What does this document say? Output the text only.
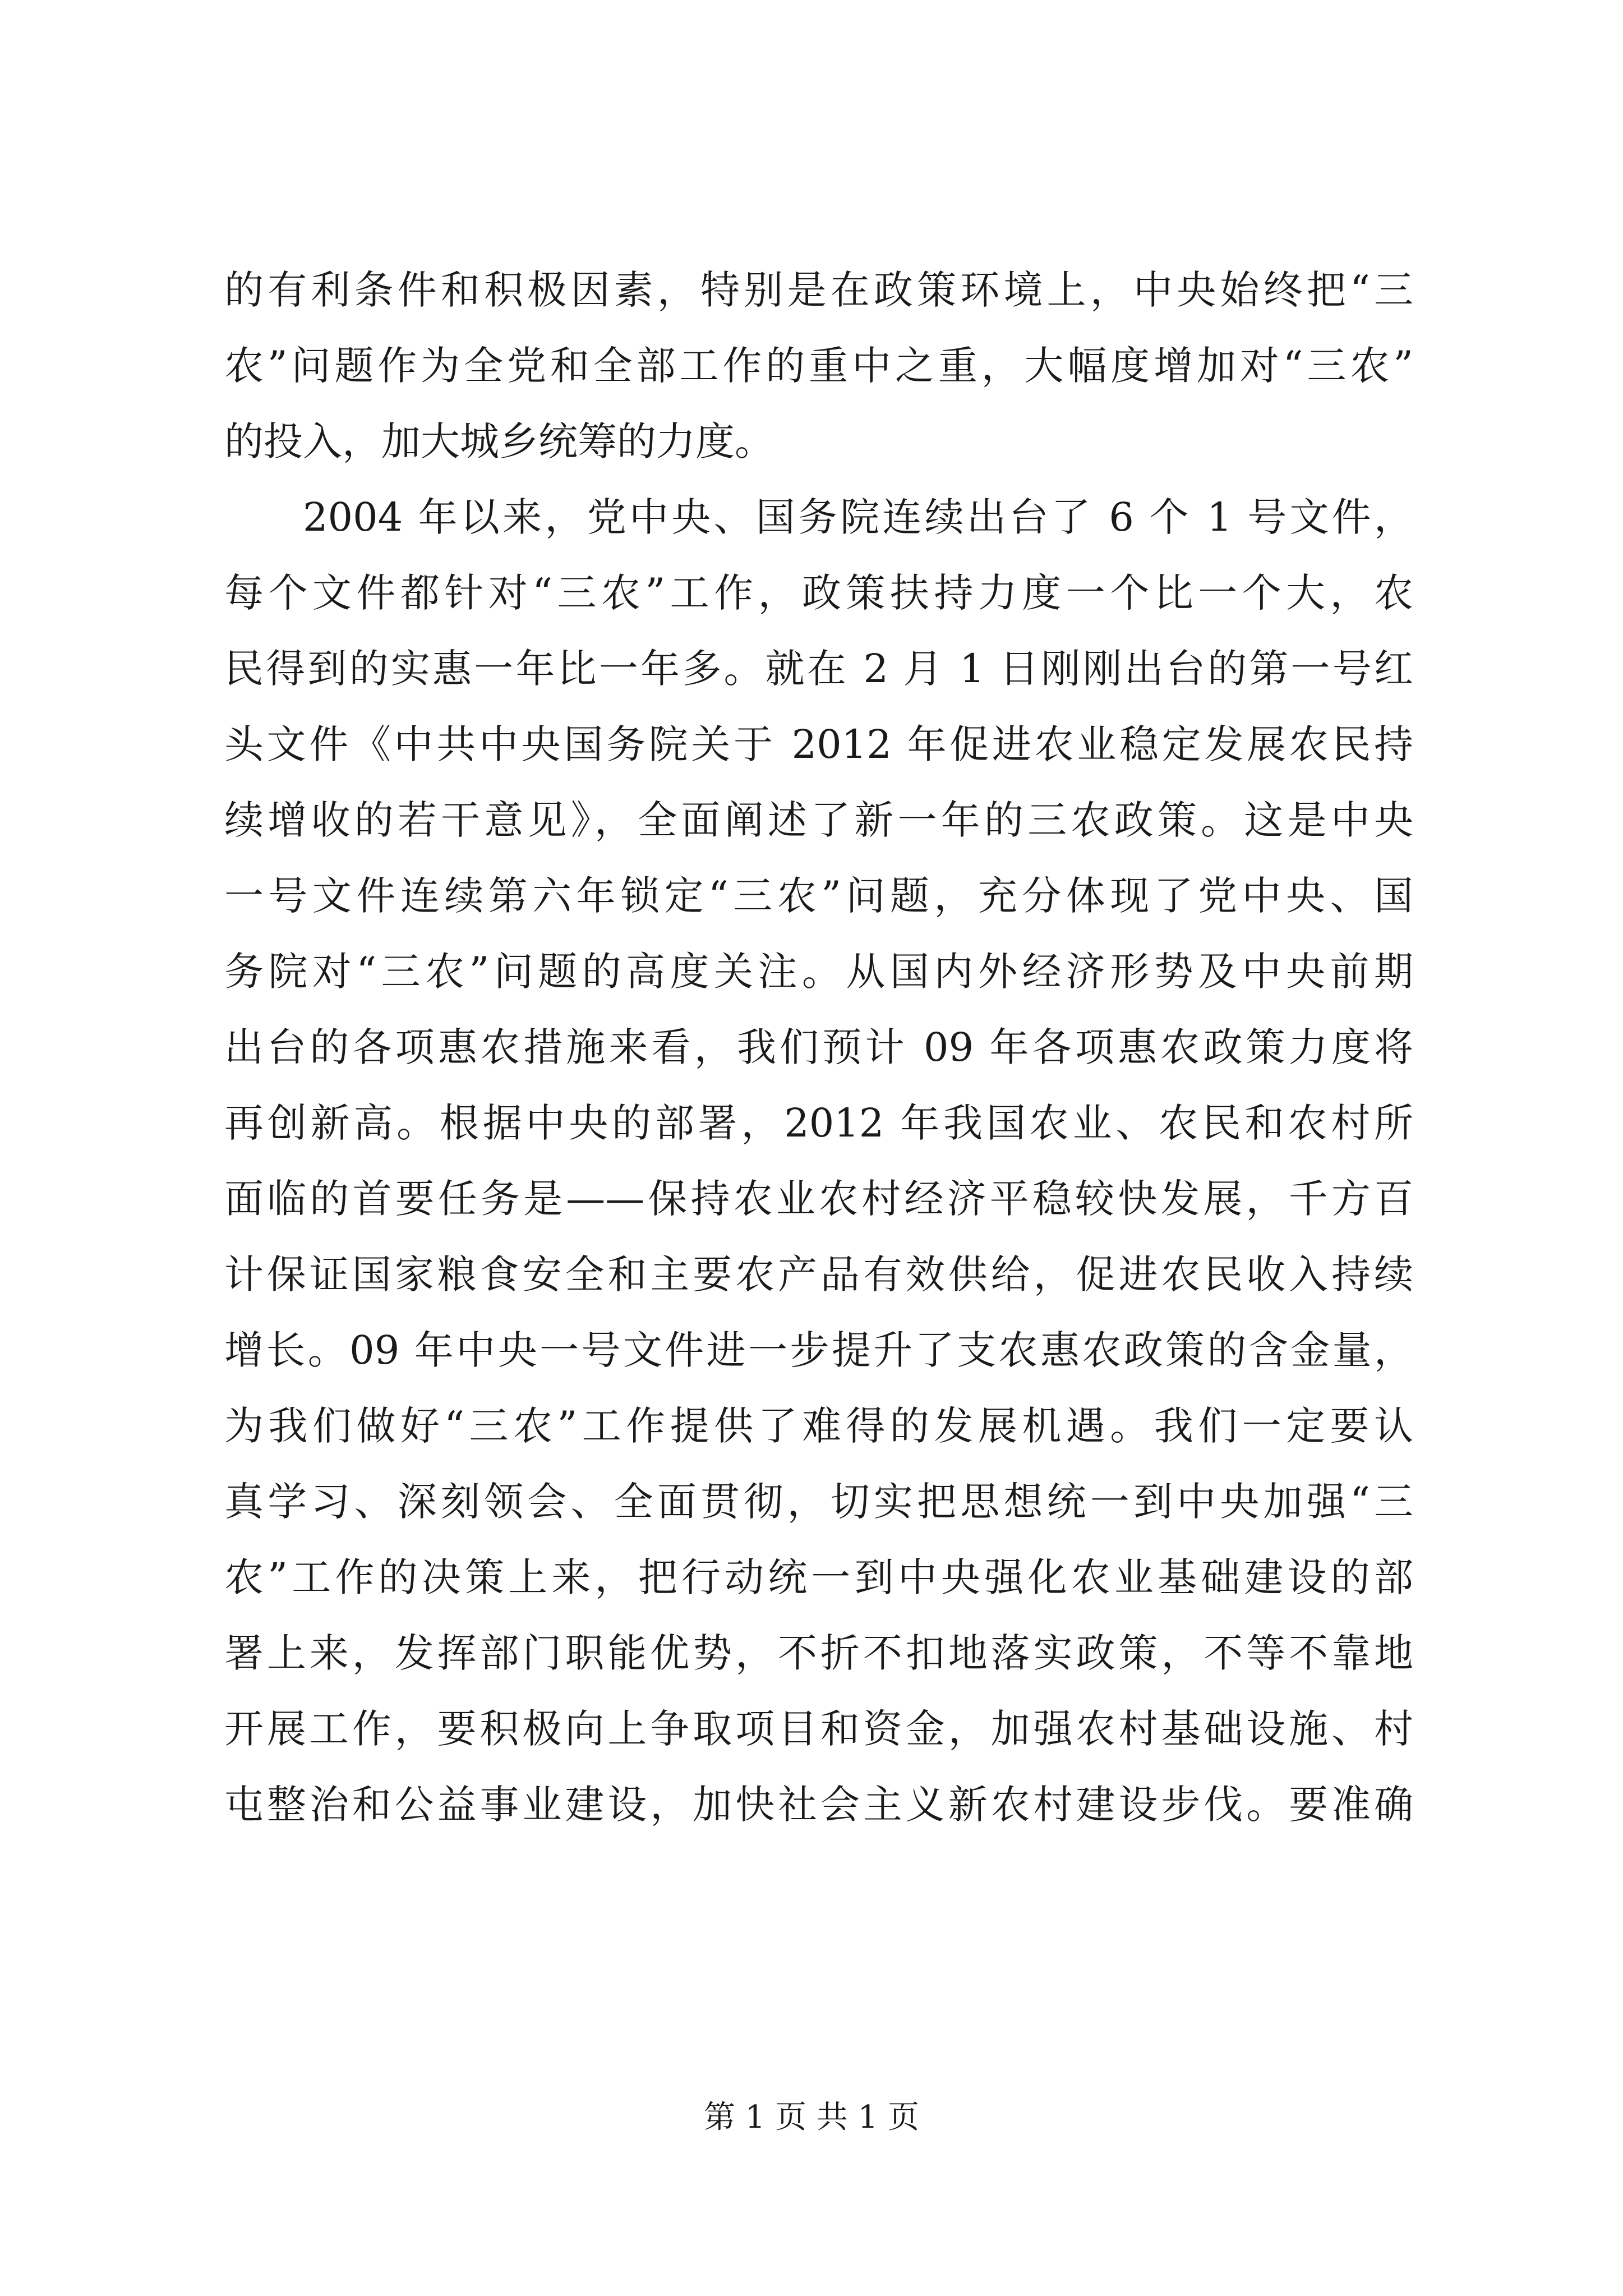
的有利条件和积极因素，特别是在政策环境上，中央始终把“三
农”问题作为全党和全部工作的重中之重，大幅度增加对“三农”
的投入，加大城乡统筹的力度。
2004 年以来，党中央、国务院连续出台了 6 个 1 号文件，
每个文件都针对“三农”工作，政策扶持力度一个比一个大，农
民得到的实惠一年比一年多。就在 2 月 1 日刚刚出台的第一号红
头文件《中共中央国务院关于 2012 年促进农业稳定发展农民持
续增收的若干意见》，全面阐述了新一年的三农政策。这是中央
一号文件连续第六年锁定“三农”问题，充分体现了党中央、国
务院对“三农”问题的高度关注。从国内外经济形势及中央前期
出台的各项惠农措施来看，我们预计 09 年各项惠农政策力度将
再创新高。根据中央的部署，2012 年我国农业、农民和农村所
面临的首要任务是——保持农业农村经济平稳较快发展，千方百
计保证国家粮食安全和主要农产品有效供给，促进农民收入持续
增长。09 年中央一号文件进一步提升了支农惠农政策的含金量，
为我们做好“三农”工作提供了难得的发展机遇。我们一定要认
真学习、深刻领会、全面贯彻，切实把思想统一到中央加强“三
农”工作的决策上来，把行动统一到中央强化农业基础建设的部
署上来，发挥部门职能优势，不折不扣地落实政策，不等不靠地
开展工作，要积极向上争取项目和资金，加强农村基础设施、村
屯整治和公益事业建设，加快社会主义新农村建设步伐。要准确
第 1 页 共 1 页
